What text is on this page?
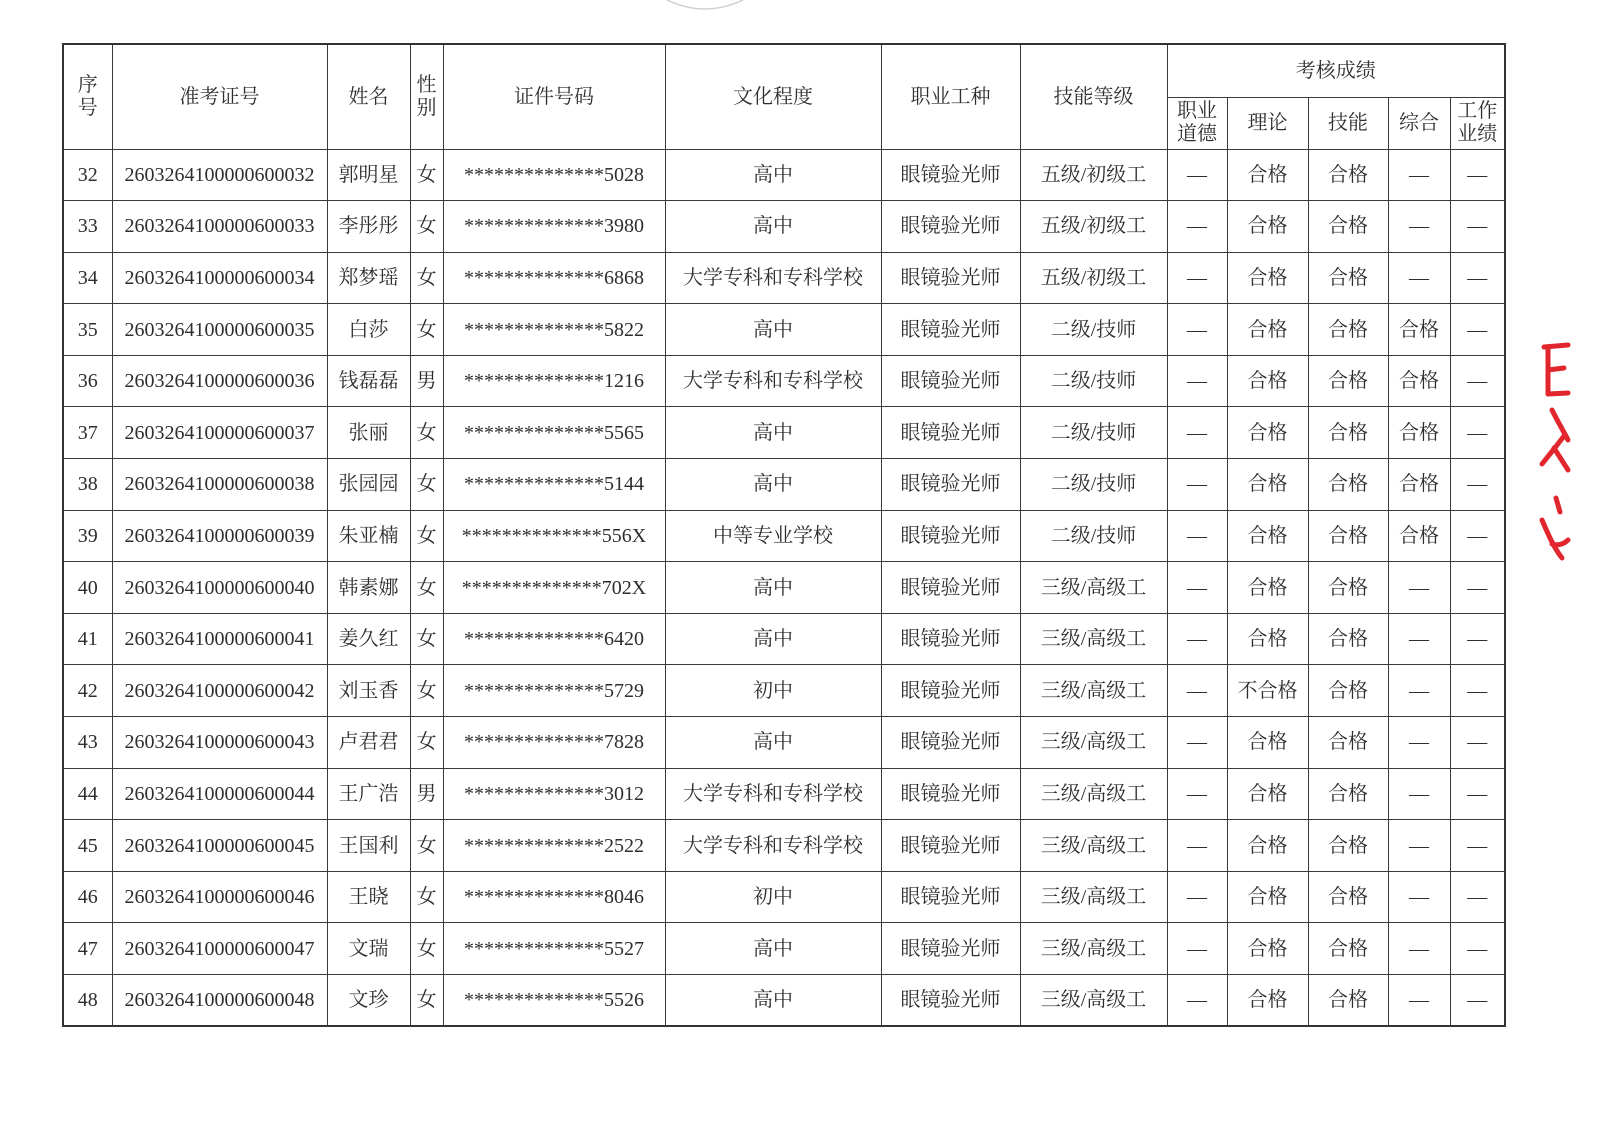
序号	准考证号	姓名	性别	证件号码	文化程度	职业工种	技能等级	考核成绩				
								职业道德	理论	技能	综合	工作业绩
32	2603264100000600032	郭明星	女	**************5028	高中	眼镜验光师	五级/初级工	—	合格	合格	—	—
33	2603264100000600033	李彤彤	女	**************3980	高中	眼镜验光师	五级/初级工	—	合格	合格	—	—
34	2603264100000600034	郑梦瑶	女	**************6868	大学专科和专科学校	眼镜验光师	五级/初级工	—	合格	合格	—	—
35	2603264100000600035	白莎	女	**************5822	高中	眼镜验光师	二级/技师	—	合格	合格	合格	—
36	2603264100000600036	钱磊磊	男	**************1216	大学专科和专科学校	眼镜验光师	二级/技师	—	合格	合格	合格	—
37	2603264100000600037	张丽	女	**************5565	高中	眼镜验光师	二级/技师	—	合格	合格	合格	—
38	2603264100000600038	张园园	女	**************5144	高中	眼镜验光师	二级/技师	—	合格	合格	合格	—
39	2603264100000600039	朱亚楠	女	**************556X	中等专业学校	眼镜验光师	二级/技师	—	合格	合格	合格	—
40	2603264100000600040	韩素娜	女	**************702X	高中	眼镜验光师	三级/高级工	—	合格	合格	—	—
41	2603264100000600041	姜久红	女	**************6420	高中	眼镜验光师	三级/高级工	—	合格	合格	—	—
42	2603264100000600042	刘玉香	女	**************5729	初中	眼镜验光师	三级/高级工	—	不合格	合格	—	—
43	2603264100000600043	卢君君	女	**************7828	高中	眼镜验光师	三级/高级工	—	合格	合格	—	—
44	2603264100000600044	王广浩	男	**************3012	大学专科和专科学校	眼镜验光师	三级/高级工	—	合格	合格	—	—
45	2603264100000600045	王国利	女	**************2522	大学专科和专科学校	眼镜验光师	三级/高级工	—	合格	合格	—	—
46	2603264100000600046	王晓	女	**************8046	初中	眼镜验光师	三级/高级工	—	合格	合格	—	—
47	2603264100000600047	文瑞	女	**************5527	高中	眼镜验光师	三级/高级工	—	合格	合格	—	—
48	2603264100000600048	文珍	女	**************5526	高中	眼镜验光师	三级/高级工	—	合格	合格	—	—
